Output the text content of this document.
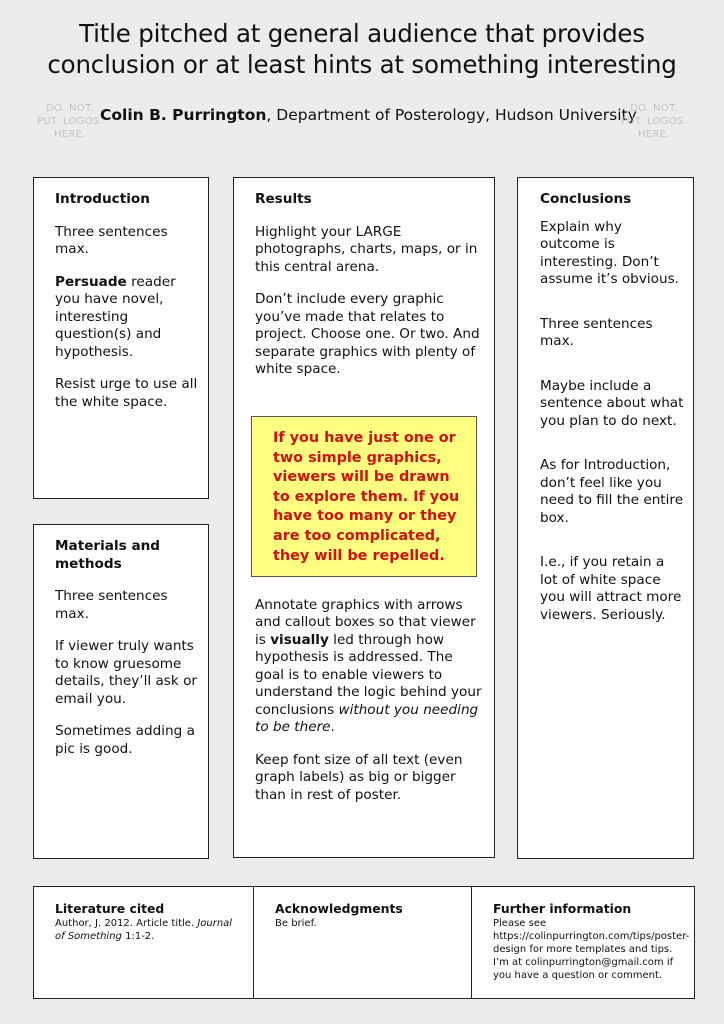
Title pitched at general audience that provides
conclusion or at least hints at something interesting
Colin B. Purrington, Department of Posterology, Hudson University
DO. NOT.
PUT. LOGOS.
HERE.
DO. NOT.
PUT. LOGOS.
HERE.

Introduction

Three sentences max.

Persuade reader you have novel, interesting question(s) and hypothesis.

Resist urge to use all the white space.

Materials and methods

Three sentences max.

If viewer truly wants to know gruesome details, they’ll ask or email you.

Sometimes adding a pic is good.

Results

Highlight your LARGE photographs, charts, maps, or in this central arena.

Don’t include every graphic you’ve made that relates to project. Choose one. Or two. And separate graphics with plenty of white space.

Annotate graphics with arrows and callout boxes so that viewer is visually led through how hypothesis is addressed. The goal is to enable viewers to understand the logic behind your conclusions without you needing to be there.

Keep font size of all text (even graph labels) as big or bigger than in rest of poster.

If you have just one or two simple graphics, viewers will be drawn to explore them. If you have too many or they are too complicated, they will be repelled.

Conclusions

Explain why outcome is interesting. Don’t assume it’s obvious.

Three sentences max.

Maybe include a sentence about what you plan to do next.

As for Introduction, don’t feel like you need to fill the entire box.

I.e., if you retain a lot of white space you will attract more viewers. Seriously.

Literature cited
Author, J. 2012. Article title. Journal of Something 1:1-2.
Acknowledgments
Be brief.
Further information
Please see https://colinpurrington.com/tips/poster-design for more templates and tips. I’m at colinpurrington@gmail.com if you have a question or comment.
